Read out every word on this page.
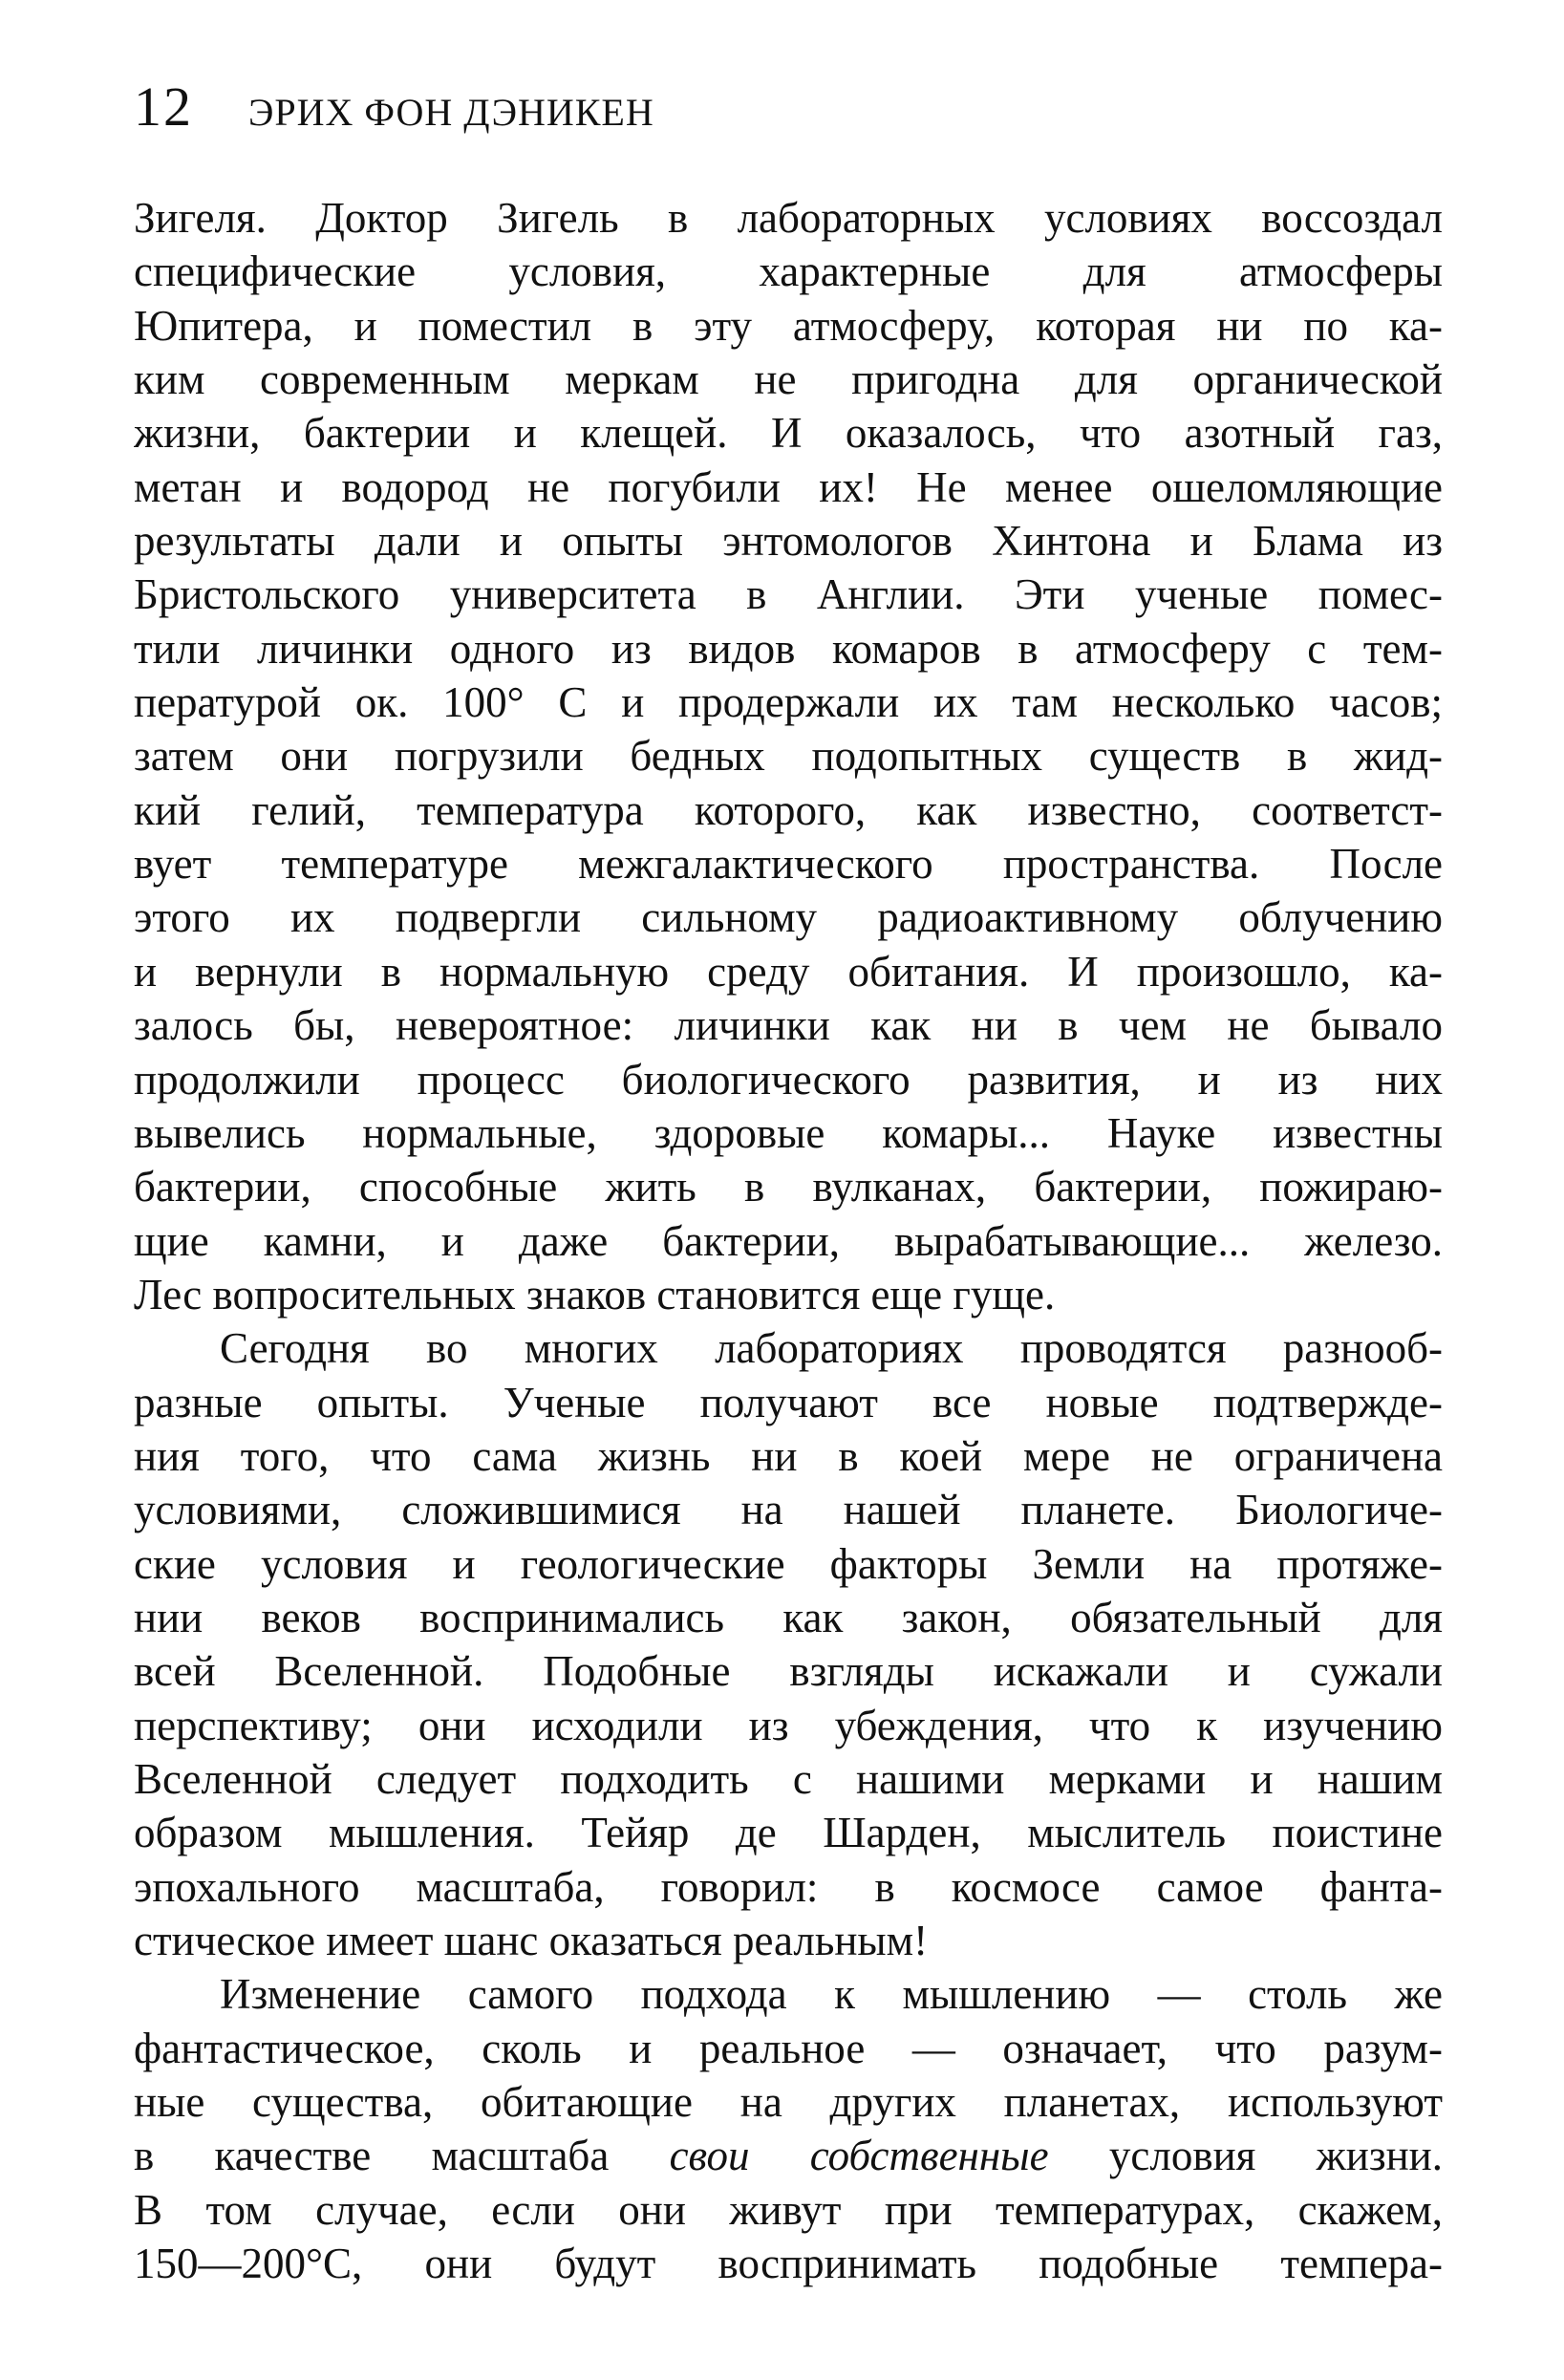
12 ЭРИХ ФОН ДЭНИКЕН
Зигеля. Доктор Зигель в лабораторных условиях воссоздал
специфические условия, характерные для атмосферы
Юпитера, и поместил в эту атмосферу, которая ни по ка-
ким современным меркам не пригодна для органической
жизни, бактерии и клещей. И оказалось, что азотный газ,
метан и водород не погубили их! Не менее ошеломляющие
результаты дали и опыты энтомологов Хинтона и Блама из
Бристольского университета в Англии. Эти ученые помес-
тили личинки одного из видов комаров в атмосферу с тем-
пературой ок. 100° С и продержали их там несколько часов;
затем они погрузили бедных подопытных существ в жид-
кий гелий, температура которого, как известно, соответст-
вует температуре межгалактического пространства. После
этого их подвергли сильному радиоактивному облучению
и вернули в нормальную среду обитания. И произошло, ка-
залось бы, невероятное: личинки как ни в чем не бывало
продолжили процесс биологического развития, и из них
вывелись нормальные, здоровые комары... Науке известны
бактерии, способные жить в вулканах, бактерии, пожираю-
щие камни, и даже бактерии, вырабатывающие... железо.
Лес вопросительных знаков становится еще гуще.
Сегодня во многих лабораториях проводятся разнооб-
разные опыты. Ученые получают все новые подтвержде-
ния того, что сама жизнь ни в коей мере не ограничена
условиями, сложившимися на нашей планете. Биологиче-
ские условия и геологические факторы Земли на протяже-
нии веков воспринимались как закон, обязательный для
всей Вселенной. Подобные взгляды искажали и сужали
перспективу; они исходили из убеждения, что к изучению
Вселенной следует подходить с нашими мерками и нашим
образом мышления. Тейяр де Шарден, мыслитель поистине
эпохального масштаба, говорил: в космосе самое фанта-
стическое имеет шанс оказаться реальным!
Изменение самого подхода к мышлению — столь же
фантастическое, сколь и реальное — означает, что разум-
ные существа, обитающие на других планетах, используют
в качестве масштаба свои собственные условия жизни.
В том случае, если они живут при температурах, скажем,
150—200°С, они будут воспринимать подобные темпера-
